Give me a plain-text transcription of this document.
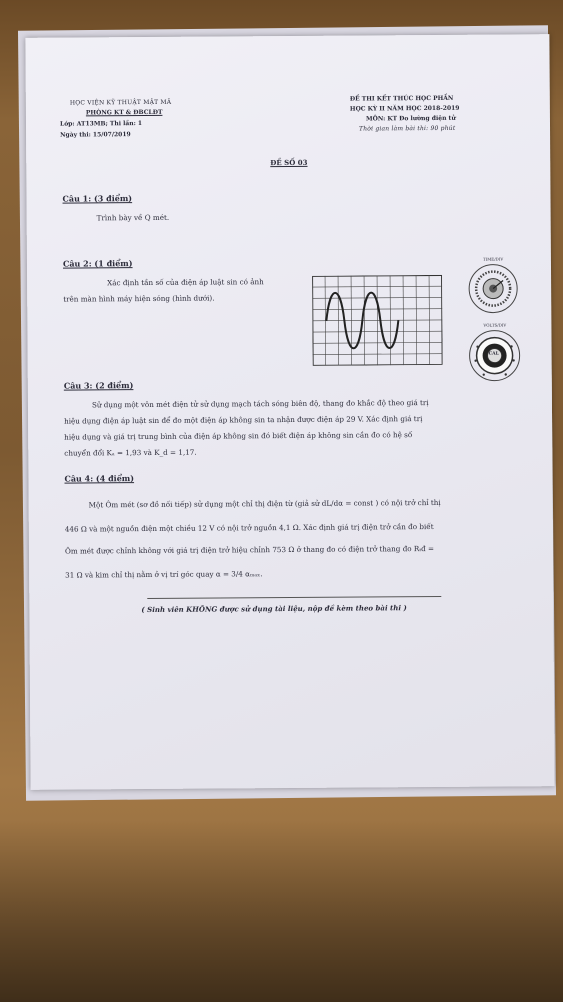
HỌC VIỆN KỸ THUẬT MẬT MÃ
PHÒNG KT & ĐBCLĐT
Lớp: AT13MB; Thi lần: 1
Ngày thi: 15/07/2019
ĐỀ THI KẾT THÚC HỌC PHẦN
HỌC KỲ II NĂM HỌC 2018-2019
MÔN: KT Đo lường điện tử
Thời gian làm bài thi: 90 phút
ĐỀ SỐ 03
Câu 1: (3 điểm)
Trình bày về Q mét.
Câu 2: (1 điểm)
Xác định tần số của điện áp luật sin có ảnh
trên màn hình máy hiện sóng (hình dưới).
TIME/DIV
VOLTS/DIV
CAL
Câu 3: (2 điểm)
Sử dụng một vôn mét điện tử sử dụng mạch tách sóng biên độ, thang đo khắc độ theo giá trị
hiệu dụng điện áp luật sin để đo một điện áp không sin ta nhận được điện áp 29 V. Xác định giá trị
hiệu dụng và giá trị trung bình của điện áp không sin đó biết điện áp không sin cần đo có hệ số
chuyển đổi Kₐ = 1,93 và K_d = 1,17.
Câu 4: (4 điểm)
Một Ôm mét (sơ đồ nối tiếp) sử dụng một chỉ thị điện từ (giả sử dL/dα = const ) có nội trở chỉ thị
446 Ω và một nguồn điện một chiều 12 V có nội trở nguồn 4,1 Ω. Xác định giá trị điện trở cần đo biết
Ôm mét được chỉnh không với giá trị điện trở hiệu chỉnh 753 Ω ở thang đo có điện trở thang đo Rₜđ =
31 Ω và kim chỉ thị nằm ở vị trí góc quay α = 3/4 αₘₐₓ.
( Sinh viên KHÔNG được sử dụng tài liệu, nộp đề kèm theo bài thi )
